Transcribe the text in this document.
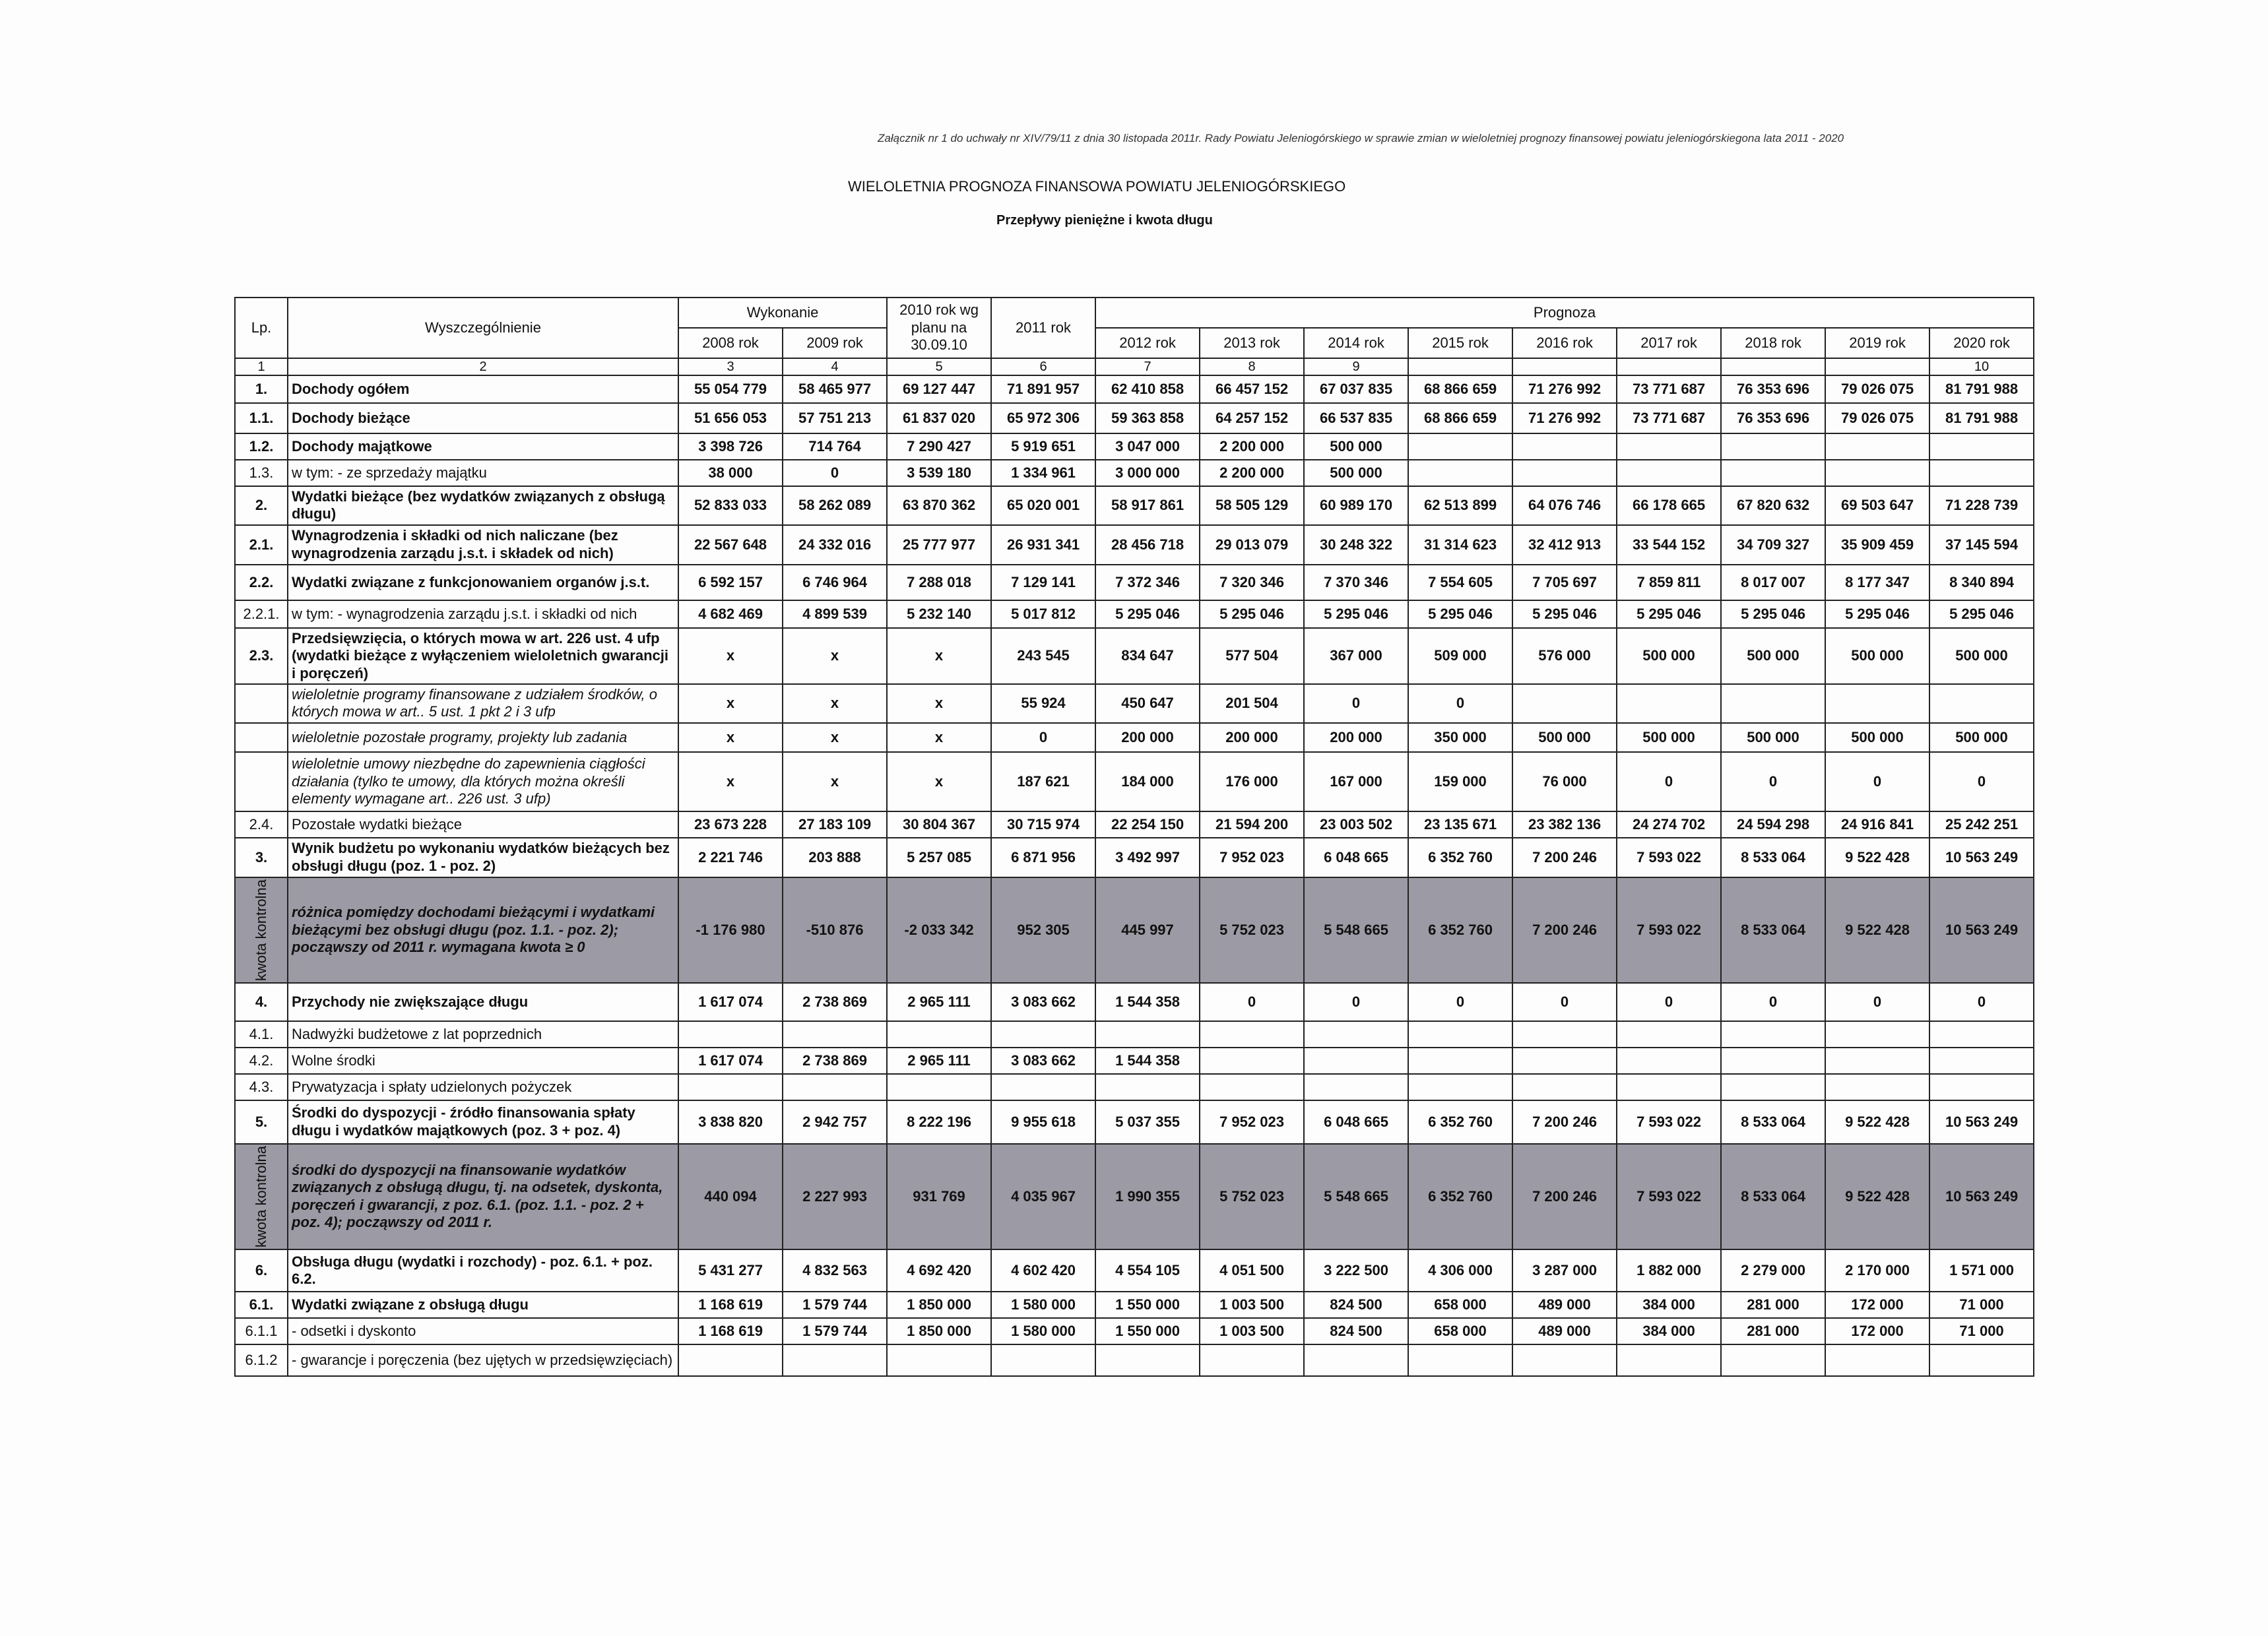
Załącznik nr 1 do uchwały nr XIV/79/11 z dnia 30 listopada 2011r. Rady Powiatu Jeleniogórskiego w sprawie zmian w wieloletniej prognozy finansowej powiatu jeleniogórskiegona lata 2011 - 2020
WIELOLETNIA PROGNOZA FINANSOWA POWIATU JELENIOGÓRSKIEGO
Przepływy pieniężne i kwota długu
Lp.	Wyszczególnienie	Wykonanie		2010 rok wg planu na 30.09.10	2011 rok	Prognoza								
		2008 rok	2009 rok			2012 rok	2013 rok	2014 rok	2015 rok	2016 rok	2017 rok	2018 rok	2019 rok	2020 rok
1	2	3	4	5	6	7	8	9						10
1.	Dochody ogółem	55 054 779	58 465 977	69 127 447	71 891 957	62 410 858	66 457 152	67 037 835	68 866 659	71 276 992	73 771 687	76 353 696	79 026 075	81 791 988
1.1.	Dochody bieżące	51 656 053	57 751 213	61 837 020	65 972 306	59 363 858	64 257 152	66 537 835	68 866 659	71 276 992	73 771 687	76 353 696	79 026 075	81 791 988
1.2.	Dochody majątkowe	3 398 726	714 764	7 290 427	5 919 651	3 047 000	2 200 000	500 000						
1.3.	w tym: - ze sprzedaży majątku	38 000	0	3 539 180	1 334 961	3 000 000	2 200 000	500 000						
2.	Wydatki bieżące (bez wydatków związanych z obsługą długu)	52 833 033	58 262 089	63 870 362	65 020 001	58 917 861	58 505 129	60 989 170	62 513 899	64 076 746	66 178 665	67 820 632	69 503 647	71 228 739
2.1.	Wynagrodzenia i składki od nich naliczane (bez wynagrodzenia zarządu j.s.t. i składek od nich)	22 567 648	24 332 016	25 777 977	26 931 341	28 456 718	29 013 079	30 248 322	31 314 623	32 412 913	33 544 152	34 709 327	35 909 459	37 145 594
2.2.	Wydatki związane z funkcjonowaniem organów j.s.t.	6 592 157	6 746 964	7 288 018	7 129 141	7 372 346	7 320 346	7 370 346	7 554 605	7 705 697	7 859 811	8 017 007	8 177 347	8 340 894
2.2.1.	w tym: - wynagrodzenia zarządu j.s.t. i składki od nich	4 682 469	4 899 539	5 232 140	5 017 812	5 295 046	5 295 046	5 295 046	5 295 046	5 295 046	5 295 046	5 295 046	5 295 046	5 295 046
2.3.	Przedsięwzięcia, o których mowa w art. 226 ust. 4 ufp (wydatki bieżące z wyłączeniem wieloletnich gwarancji i poręczeń)	x	x	x	243 545	834 647	577 504	367 000	509 000	576 000	500 000	500 000	500 000	500 000
	wieloletnie programy finansowane z udziałem środków, o których mowa w art.. 5 ust. 1 pkt 2 i 3 ufp	x	x	x	55 924	450 647	201 504	0	0					
	wieloletnie pozostałe programy, projekty lub zadania	x	x	x	0	200 000	200 000	200 000	350 000	500 000	500 000	500 000	500 000	500 000
	wieloletnie umowy niezbędne do zapewnienia ciągłości działania (tylko te umowy, dla których można określi elementy wymagane art.. 226 ust. 3 ufp)	x	x	x	187 621	184 000	176 000	167 000	159 000	76 000	0	0	0	0
2.4.	Pozostałe wydatki bieżące	23 673 228	27 183 109	30 804 367	30 715 974	22 254 150	21 594 200	23 003 502	23 135 671	23 382 136	24 274 702	24 594 298	24 916 841	25 242 251
3.	Wynik budżetu po wykonaniu wydatków bieżących bez obsługi długu (poz. 1 - poz. 2)	2 221 746	203 888	5 257 085	6 871 956	3 492 997	7 952 023	6 048 665	6 352 760	7 200 246	7 593 022	8 533 064	9 522 428	10 563 249

kwota kontrolna	różnica pomiędzy dochodami bieżącymi i wydatkami bieżącymi bez obsługi długu (poz. 1.1. - poz. 2); począwszy od 2011 r. wymagana kwota ≥ 0	-1 176 980	-510 876	-2 033 342	952 305	445 997	5 752 023	5 548 665	6 352 760	7 200 246	7 593 022	8 533 064	9 522 428	10 563 249
4.	Przychody nie zwiększające długu	1 617 074	2 738 869	2 965 111	3 083 662	1 544 358	0	0	0	0	0	0	0	0
4.1.	Nadwyżki budżetowe z lat poprzednich													
4.2.	Wolne środki	1 617 074	2 738 869	2 965 111	3 083 662	1 544 358								
4.3.	Prywatyzacja i spłaty udzielonych pożyczek													
5.	Środki do dyspozycji - źródło finansowania spłaty długu i wydatków majątkowych (poz. 3 + poz. 4)	3 838 820	2 942 757	8 222 196	9 955 618	5 037 355	7 952 023	6 048 665	6 352 760	7 200 246	7 593 022	8 533 064	9 522 428	10 563 249

kwota kontrolna	środki do dyspozycji na finansowanie wydatków związanych z obsługą długu, tj. na odsetek, dyskonta, poręczeń i gwarancji, z poz. 6.1. (poz. 1.1. - poz. 2 + poz. 4); począwszy od 2011 r.	440 094	2 227 993	931 769	4 035 967	1 990 355	5 752 023	5 548 665	6 352 760	7 200 246	7 593 022	8 533 064	9 522 428	10 563 249
6.	Obsługa długu (wydatki i rozchody) - poz. 6.1. + poz. 6.2.	5 431 277	4 832 563	4 692 420	4 602 420	4 554 105	4 051 500	3 222 500	4 306 000	3 287 000	1 882 000	2 279 000	2 170 000	1 571 000
6.1.	Wydatki związane z obsługą długu	1 168 619	1 579 744	1 850 000	1 580 000	1 550 000	1 003 500	824 500	658 000	489 000	384 000	281 000	172 000	71 000
6.1.1	- odsetki i dyskonto	1 168 619	1 579 744	1 850 000	1 580 000	1 550 000	1 003 500	824 500	658 000	489 000	384 000	281 000	172 000	71 000
6.1.2	- gwarancje i poręczenia (bez ujętych w przedsięwzięciach)													
